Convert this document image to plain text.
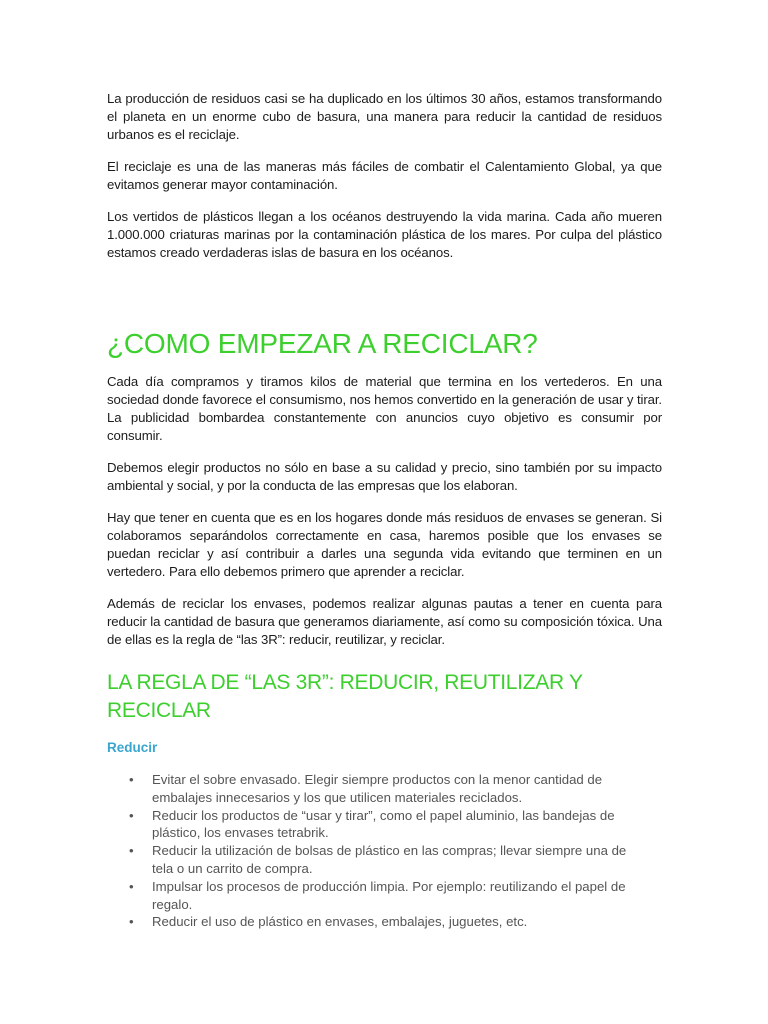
La producción de residuos casi se ha duplicado en los últimos 30 años, estamos transformando el planeta en un enorme cubo de basura, una manera para reducir la cantidad de residuos urbanos es el reciclaje.

El reciclaje es una de las maneras más fáciles de combatir el Calentamiento Global, ya que evitamos generar mayor contaminación.

Los vertidos de plásticos llegan a los océanos destruyendo la vida marina. Cada año mueren 1.000.000 criaturas marinas por la contaminación plástica de los mares. Por culpa del plástico estamos creado verdaderas islas de basura en los océanos.

¿COMO EMPEZAR A RECICLAR?

Cada día compramos y tiramos kilos de material que termina en los vertederos. En una sociedad donde favorece el consumismo, nos hemos convertido en la generación de usar y tirar. La publicidad bombardea constantemente con anuncios cuyo objetivo es consumir por consumir.

Debemos elegir productos no sólo en base a su calidad y precio, sino también por su impacto ambiental y social, y por la conducta de las empresas que los elaboran.

Hay que tener en cuenta que es en los hogares donde más residuos de envases se generan. Si colaboramos separándolos correctamente en casa, haremos posible que los envases se puedan reciclar y así contribuir a darles una segunda vida evitando que terminen en un vertedero. Para ello debemos primero que aprender a reciclar.

Además de reciclar los envases, podemos realizar algunas pautas a tener en cuenta para reducir la cantidad de basura que generamos diariamente, así como su composición tóxica. Una de ellas es la regla de “las 3R”: reducir, reutilizar, y reciclar.

LA REGLA DE “LAS 3R”: REDUCIR, REUTILIZAR Y RECICLAR
Reducir
• Evitar el sobre envasado. Elegir siempre productos con la menor cantidad de embalajes innecesarios y los que utilicen materiales reciclados.
• Reducir los productos de “usar y tirar”, como el papel aluminio, las bandejas de plástico, los envases tetrabrik.
• Reducir la utilización de bolsas de plástico en las compras; llevar siempre una de tela o un carrito de compra.
• Impulsar los procesos de producción limpia. Por ejemplo: reutilizando el papel de regalo.
• Reducir el uso de plástico en envases, embalajes, juguetes, etc.
